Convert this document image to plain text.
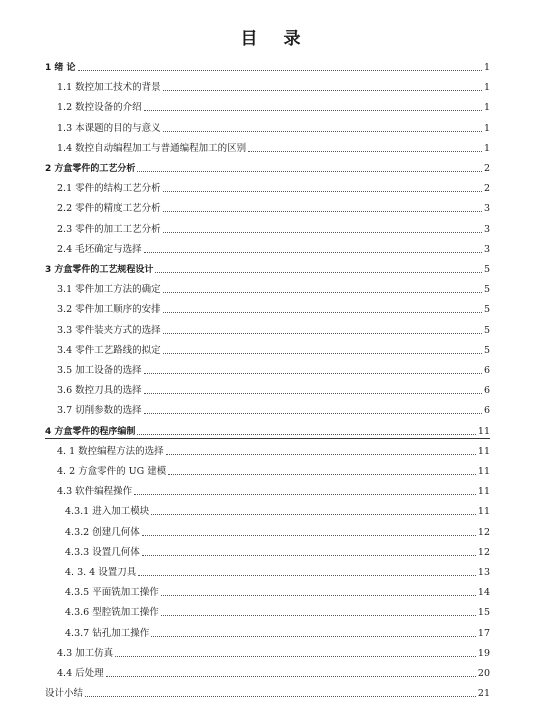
目 录
1 绪 论	1
1.1 数控加工技术的背景	1
1.2 数控设备的介绍	1
1.3 本课题的目的与意义	1
1.4 数控自动编程加工与普通编程加工的区别	1
2 方盒零件的工艺分析	2
2.1 零件的结构工艺分析	2
2.2 零件的精度工艺分析	3
2.3 零件的加工工艺分析	3
2.4 毛坯确定与选择	3
3 方盒零件的工艺规程设计	5
3.1 零件加工方法的确定	5
3.2 零件加工顺序的安排	5
3.3 零件装夹方式的选择	5
3.4 零件工艺路线的拟定	5
3.5 加工设备的选择	6
3.6 数控刀具的选择	6
3.7 切削参数的选择	6
4 方盒零件的程序编制	11
4. 1 数控编程方法的选择	11
4. 2 方盒零件的 UG 建模	11
4.3 软件编程操作	11
4.3.1 进入加工模块	11
4.3.2 创建几何体	12
4.3.3 设置几何体	12
4. 3. 4 设置刀具	13
4.3.5 平面铣加工操作	14
4.3.6 型腔铣加工操作	15
4.3.7 钻孔加工操作	17
4.3 加工仿真	19
4.4 后处理	20
设计小结	21
